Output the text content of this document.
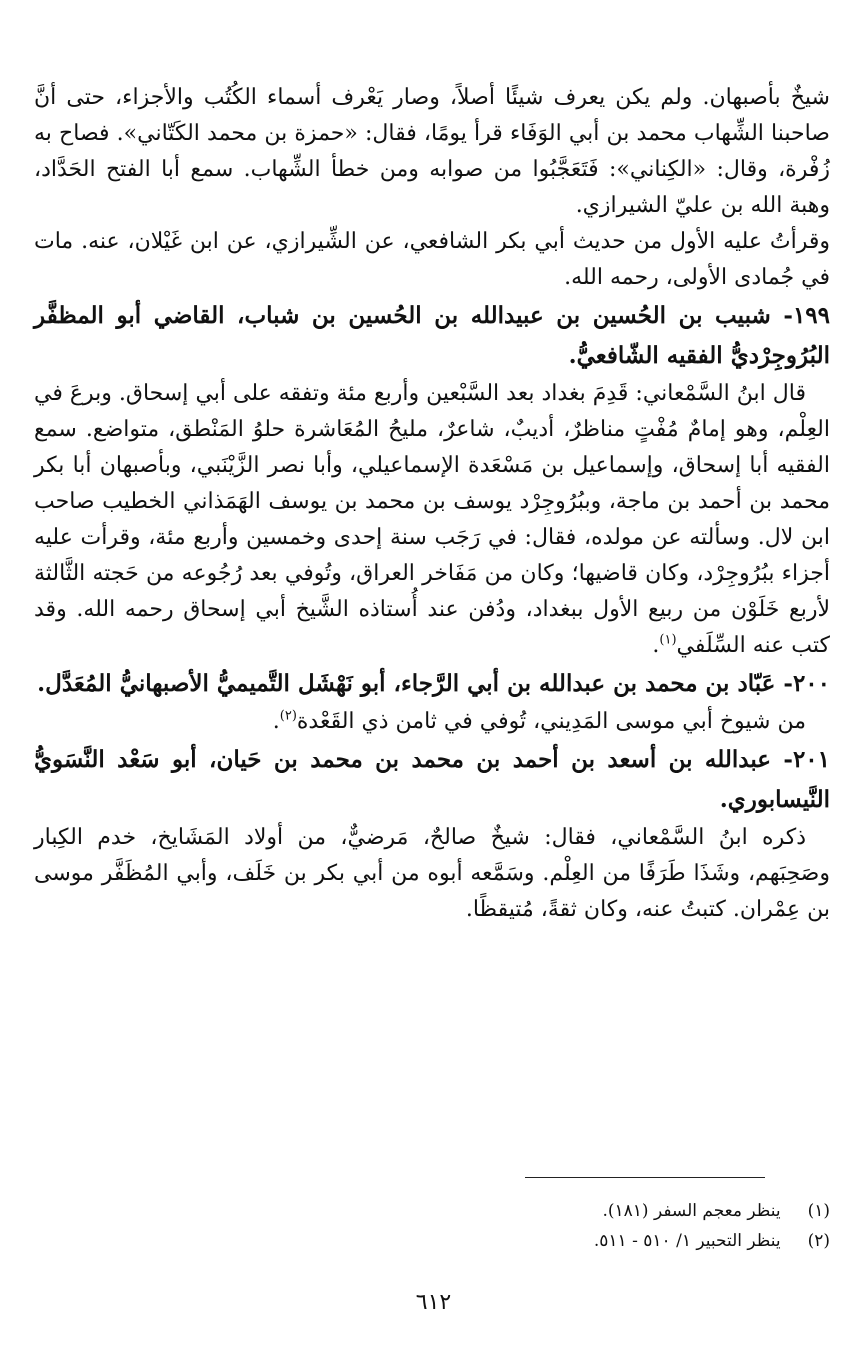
شيخٌ بأصبهان. ولم يكن يعرف شيئًا أصلاً، وصار يَعْرف أسماء الكُتُب والأجزاء، حتى أنَّ صاحبنا الشِّهاب محمد بن أبي الوَفَاء قرأ يومًا، فقال: «حمزة بن محمد الكَتّاني». فصاح به زُفْرة، وقال: «الكِناني»: فَتَعَجَّبُوا من صوابه ومن خطأ الشِّهاب. سمع أبا الفتح الحَدَّاد، وهبة الله بن عليّ الشيرازي.

وقرأتُ عليه الأول من حديث أبي بكر الشافعي، عن الشِّيرازي، عن ابن غَيْلان، عنه. مات في جُمادى الأولى، رحمه الله.

١٩٩- شبيب بن الحُسين بن عبيدالله بن الحُسين بن شباب، القاضي أبو المظفَّر البُرُوجِرْديُّ الفقيه الشّافعيُّ.

قال ابنُ السَّمْعاني: قَدِمَ بغداد بعد السَّبْعين وأربع مئة وتفقه على أبي إسحاق. وبرعَ في العِلْم، وهو إمامٌ مُفْتٍ مناظرٌ، أديبٌ، شاعرٌ، مليحُ المُعَاشرة حلوُ المَنْطق، متواضع. سمع الفقيه أبا إسحاق، وإسماعيل بن مَسْعَدة الإسماعيلي، وأبا نصر الزَّيْنَبي، وبأصبهان أبا بكر محمد بن أحمد بن ماجة، وببُرُوجِرْد يوسف بن محمد بن يوسف الهَمَذاني الخطيب صاحب ابن لال. وسألته عن مولده، فقال: في رَجَب سنة إحدى وخمسين وأربع مئة، وقرأت عليه أجزاء ببُرُوجِرْد، وكان قاضيها؛ وكان من مَفَاخر العراق، وتُوفي بعد رُجُوعه من حَجته الثَّالثة لأربع خَلَوْن من ربيع الأول ببغداد، ودُفن عند أُستاذه الشَّيخ أبي إسحاق رحمه الله. وقد كتب عنه السِّلَفي$^{(١)}$.

٢٠٠- عَبّاد بن محمد بن عبدالله بن أبي الرَّجاء، أبو نَهْشَل التَّميميُّ الأصبهانيُّ المُعَدَّل.

من شيوخ أبي موسى المَدِيني، تُوفي في ثامن ذي القَعْدة$^{(٢)}$.

٢٠١- عبدالله بن أسعد بن أحمد بن محمد بن محمد بن حَيان، أبو سَعْد النَّسَويُّ النَّيسابوري.

ذكره ابنُ السَّمْعاني، فقال: شيخٌ صالحٌ، مَرضيٌّ، من أولاد المَشَايخ، خدم الكِبار وصَحِبَهم، وشَذَا طَرَفًا من العِلْم. وسَمَّعه أبوه من أبي بكر بن خَلَف، وأبي المُظَفَّر موسى بن عِمْران. كتبتُ عنه، وكان ثقةً، مُتيقظًا.

(١) ينظر معجم السفر (١٨١).

(٢) ينظر التحبير ١/ ٥١٠ - ٥١١.

٦١٢
